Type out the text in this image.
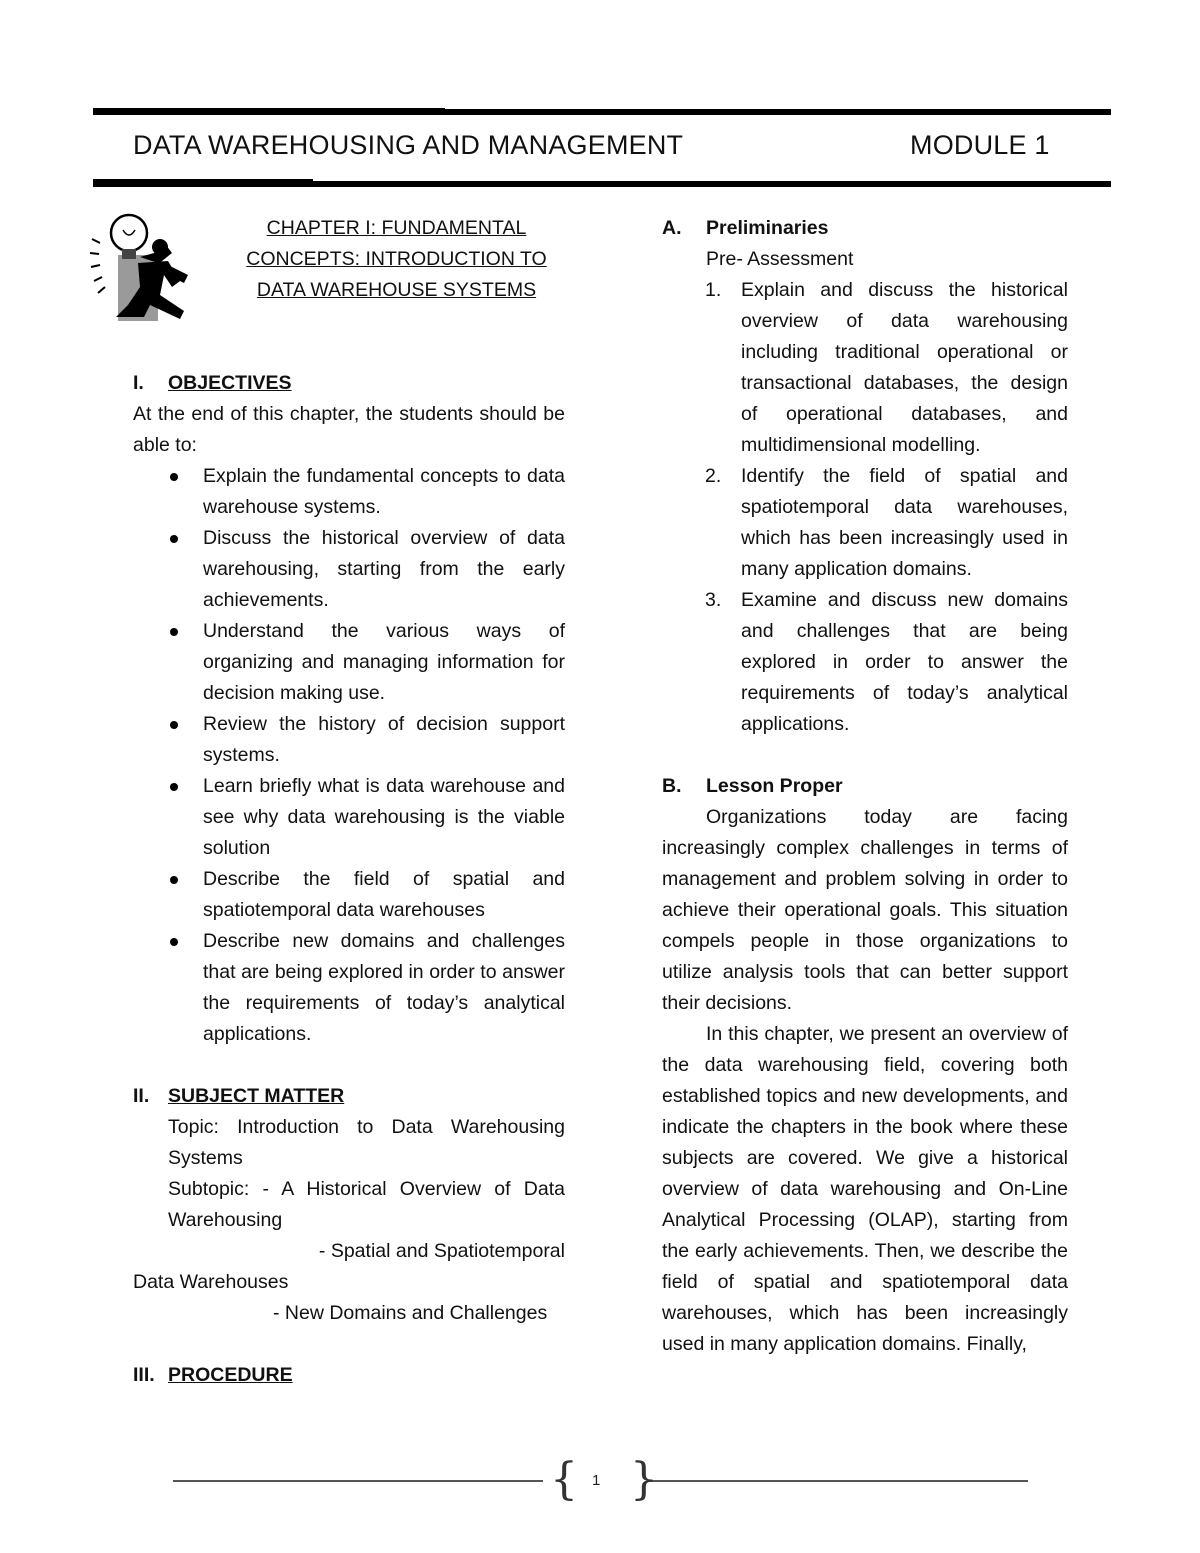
DATA WAREHOUSING AND MANAGEMENT	MODULE 1
CHAPTER I: FUNDAMENTAL
CONCEPTS: INTRODUCTION TO
DATA WAREHOUSE SYSTEMS
I.	OBJECTIVES
At the end of this chapter, the students should be able to:
Explain the fundamental concepts to data warehouse systems.
Discuss the historical overview of data warehousing, starting from the early achievements.
Understand the various ways of organizing and managing information for decision making use.
Review the history of decision support systems.
Learn briefly what is data warehouse and see why data warehousing is the viable solution
Describe the field of spatial and spatiotemporal data warehouses
Describe new domains and challenges that are being explored in order to answer the requirements of today’s analytical applications.
II. SUBJECT MATTER
Topic: Introduction to Data Warehousing Systems
Subtopic: - A Historical Overview of Data Warehousing
- Spatial and Spatiotemporal
Data Warehouses
- New Domains and Challenges
III. PROCEDURE
A.	Preliminaries
Pre- Assessment
1. Explain and discuss the historical overview of data warehousing including traditional operational or transactional databases, the design of operational databases, and multidimensional modelling.
2. Identify the field of spatial and spatiotemporal data warehouses, which has been increasingly used in many application domains.
3. Examine and discuss new domains and challenges that are being explored in order to answer the requirements of today’s analytical applications.
B.	Lesson Proper
Organizations today are facing increasingly complex challenges in terms of management and problem solving in order to achieve their operational goals. This situation compels people in those organizations to utilize analysis tools that can better support their decisions.
In this chapter, we present an overview of the data warehousing field, covering both established topics and new developments, and indicate the chapters in the book where these subjects are covered. We give a historical overview of data warehousing and On-Line Analytical Processing (OLAP), starting from the early achievements. Then, we describe the field of spatial and spatiotemporal data warehouses, which has been increasingly used in many application domains. Finally,
{ }
1
